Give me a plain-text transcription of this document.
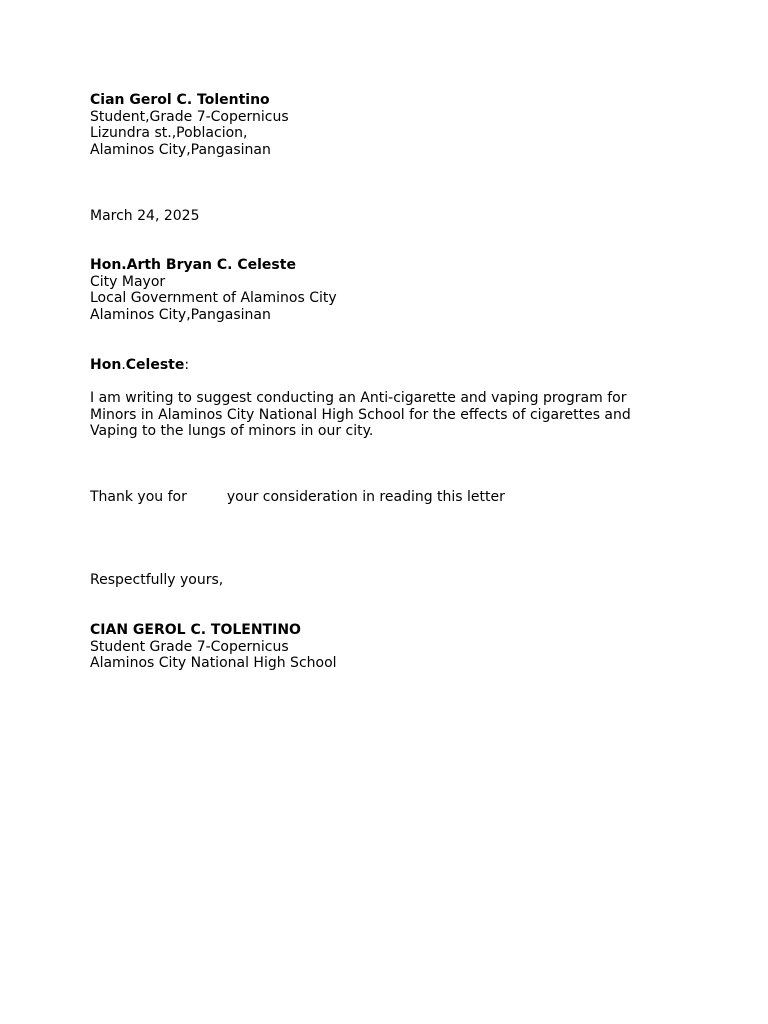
Cian Gerol C. Tolentino
Student,Grade 7-Copernicus
Lizundra st.,Poblacion,
Alaminos City,Pangasinan
March 24, 2025
Hon.Arth Bryan C. Celeste
City Mayor
Local Government of Alaminos City
Alaminos City,Pangasinan
Hon.Celeste:
I am writing to suggest conducting an Anti-cigarette and vaping program for
Minors in Alaminos City National High School for the effects of cigarettes and
Vaping to the lungs of minors in our city.
Thank you for	your consideration in reading this letter
Respectfully yours,
CIAN GEROL C. TOLENTINO
Student Grade 7-Copernicus
Alaminos City National High School
